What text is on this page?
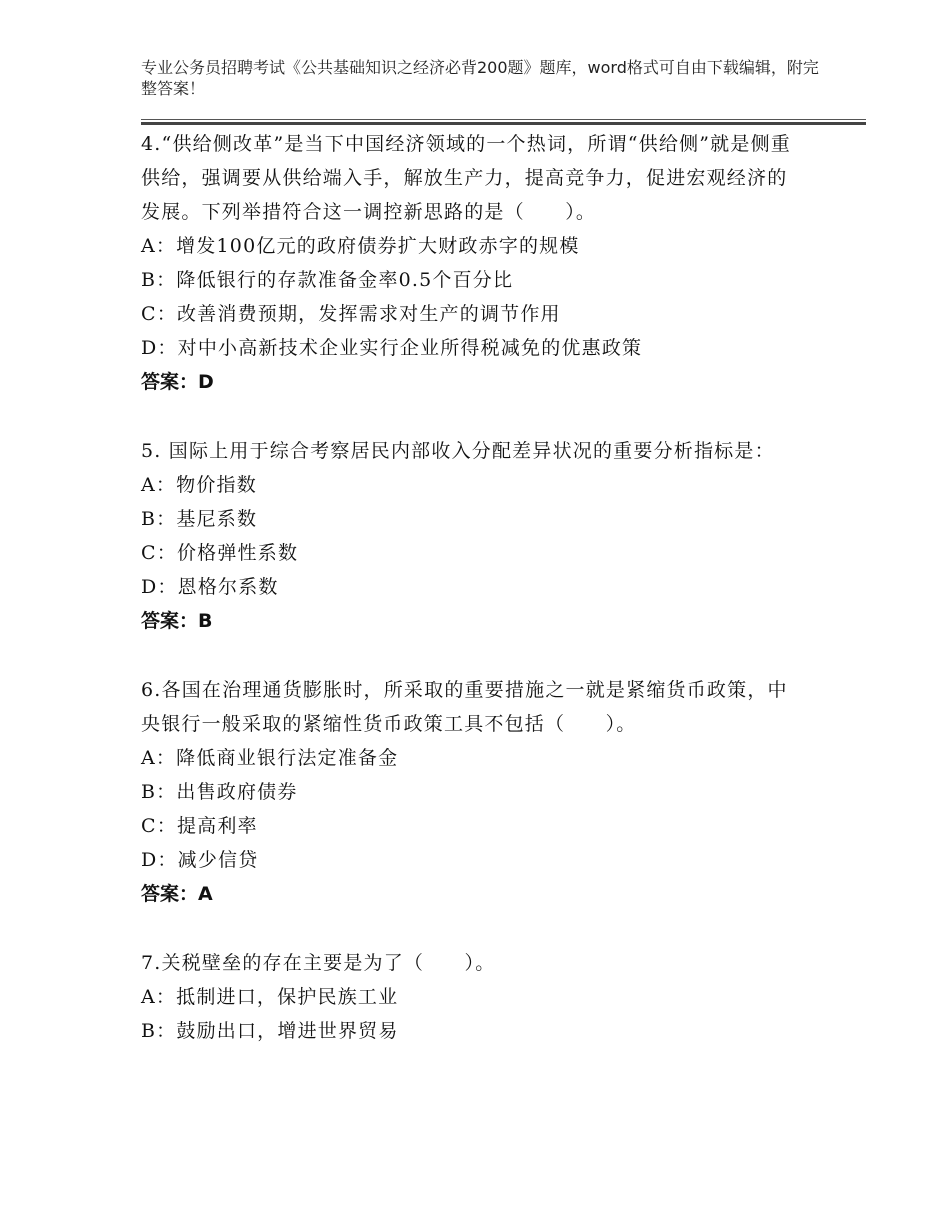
专业公务员招聘考试《公共基础知识之经济必背200题》题库，word格式可自由下载编辑，附完整答案！

4.“供给侧改革”是当下中国经济领域的一个热词，所谓“供给侧”就是侧重供给，强调要从供给端入手，解放生产力，提高竞争力，促进宏观经济的发展。下列举措符合这一调控新思路的是（　　）。

A：增发100亿元的政府债券扩大财政赤字的规模

B：降低银行的存款准备金率0.5个百分比

C：改善消费预期，发挥需求对生产的调节作用

D：对中小高新技术企业实行企业所得税减免的优惠政策

答案：D

5. 国际上用于综合考察居民内部收入分配差异状况的重要分析指标是：

A：物价指数

B：基尼系数

C：价格弹性系数

D：恩格尔系数

答案：B

6.各国在治理通货膨胀时，所采取的重要措施之一就是紧缩货币政策，中央银行一般采取的紧缩性货币政策工具不包括（　　）。

A：降低商业银行法定准备金

B：出售政府债券

C：提高利率

D：减少信贷

答案：A

7.关税壁垒的存在主要是为了（　　）。

A：抵制进口，保护民族工业

B：鼓励出口，增进世界贸易
